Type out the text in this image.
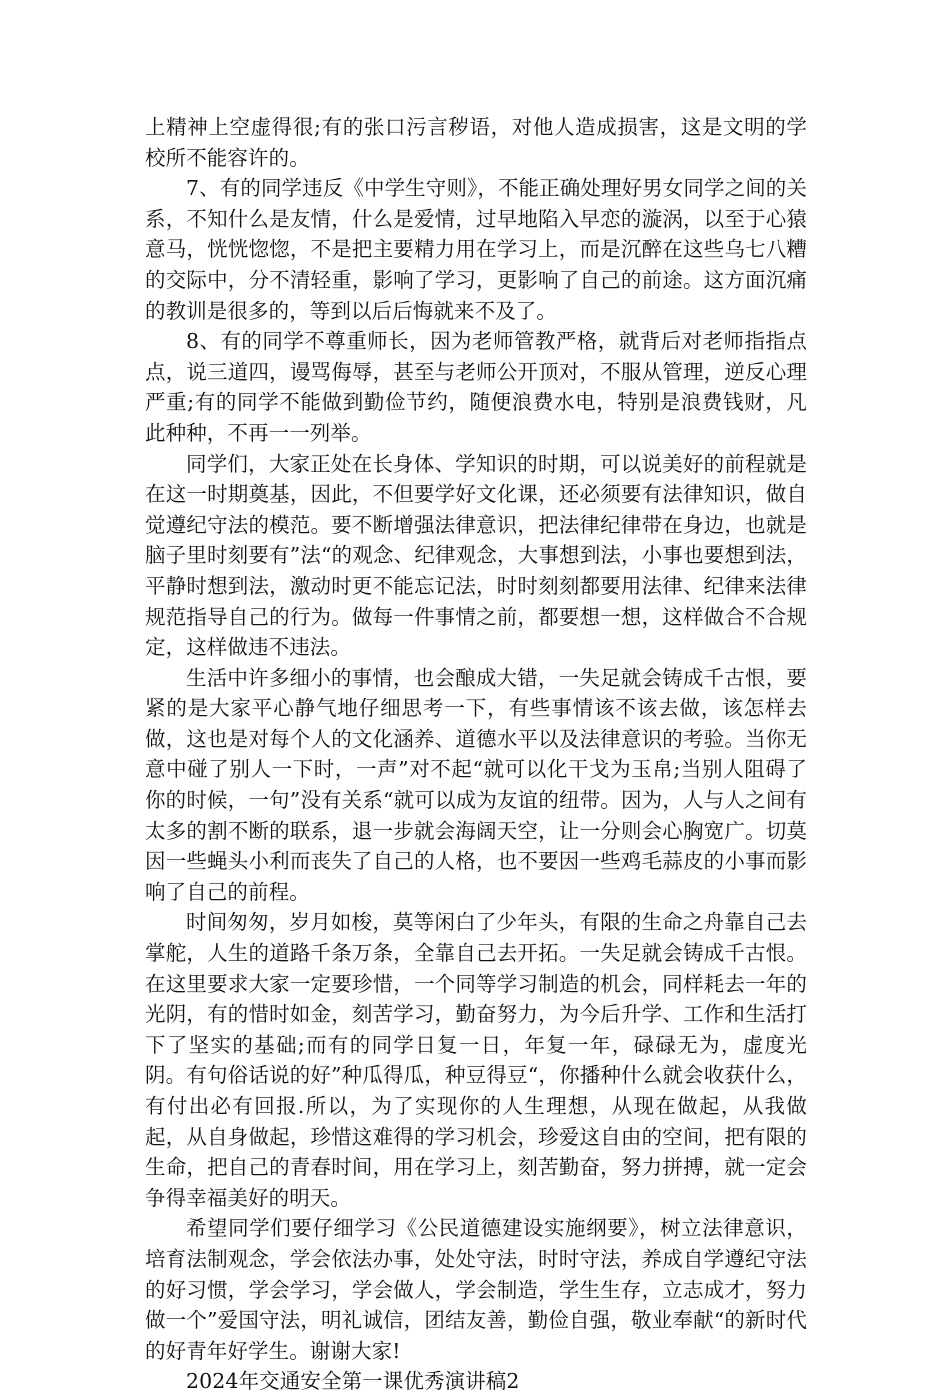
上精神上空虚得很;有的张口污言秽语，对他人造成损害，这是文明的学校所不能容许的。

7、有的同学违反《中学生守则》，不能正确处理好男女同学之间的关系，不知什么是友情，什么是爱情，过早地陷入早恋的漩涡，以至于心猿意马，恍恍惚惚，不是把主要精力用在学习上，而是沉醉在这些乌七八糟的交际中，分不清轻重，影响了学习，更影响了自己的前途。这方面沉痛的教训是很多的，等到以后后悔就来不及了。

8、有的同学不尊重师长，因为老师管教严格，就背后对老师指指点点，说三道四，谩骂侮辱，甚至与老师公开顶对，不服从管理，逆反心理严重;有的同学不能做到勤俭节约，随便浪费水电，特别是浪费钱财，凡此种种，不再一一列举。

同学们，大家正处在长身体、学知识的时期，可以说美好的前程就是在这一时期奠基，因此，不但要学好文化课，还必须要有法律知识，做自觉遵纪守法的模范。要不断增强法律意识，把法律纪律带在身边，也就是脑子里时刻要有”法“的观念、纪律观念，大事想到法，小事也要想到法，平静时想到法，激动时更不能忘记法，时时刻刻都要用法律、纪律来法律规范指导自己的行为。做每一件事情之前，都要想一想，这样做合不合规定，这样做违不违法。

生活中许多细小的事情，也会酿成大错，一失足就会铸成千古恨，要紧的是大家平心静气地仔细思考一下，有些事情该不该去做，该怎样去做，这也是对每个人的文化涵养、道德水平以及法律意识的考验。当你无意中碰了别人一下时，一声”对不起“就可以化干戈为玉帛;当别人阻碍了你的时候，一句”没有关系“就可以成为友谊的纽带。因为，人与人之间有太多的割不断的联系，退一步就会海阔天空，让一分则会心胸宽广。切莫因一些蝇头小利而丧失了自己的人格，也不要因一些鸡毛蒜皮的小事而影响了自己的前程。

时间匆匆，岁月如梭，莫等闲白了少年头，有限的生命之舟靠自己去掌舵，人生的道路千条万条，全靠自己去开拓。一失足就会铸成千古恨。在这里要求大家一定要珍惜，一个同等学习制造的机会，同样耗去一年的光阴，有的惜时如金，刻苦学习，勤奋努力，为今后升学、工作和生活打下了坚实的基础;而有的同学日复一日，年复一年，碌碌无为，虚度光阴。有句俗话说的好”种瓜得瓜，种豆得豆“，你播种什么就会收获什么，有付出必有回报.所以，为了实现你的人生理想，从现在做起，从我做起，从自身做起，珍惜这难得的学习机会，珍爱这自由的空间，把有限的生命，把自己的青春时间，用在学习上，刻苦勤奋，努力拼搏，就一定会争得幸福美好的明天。

希望同学们要仔细学习《公民道德建设实施纲要》，树立法律意识，培育法制观念，学会依法办事，处处守法，时时守法，养成自学遵纪守法的好习惯，学会学习，学会做人，学会制造，学生生存，立志成才，努力做一个”爱国守法，明礼诚信，团结友善，勤俭自强，敬业奉献“的新时代的好青年好学生。谢谢大家!

2024年交通安全第一课优秀演讲稿2
